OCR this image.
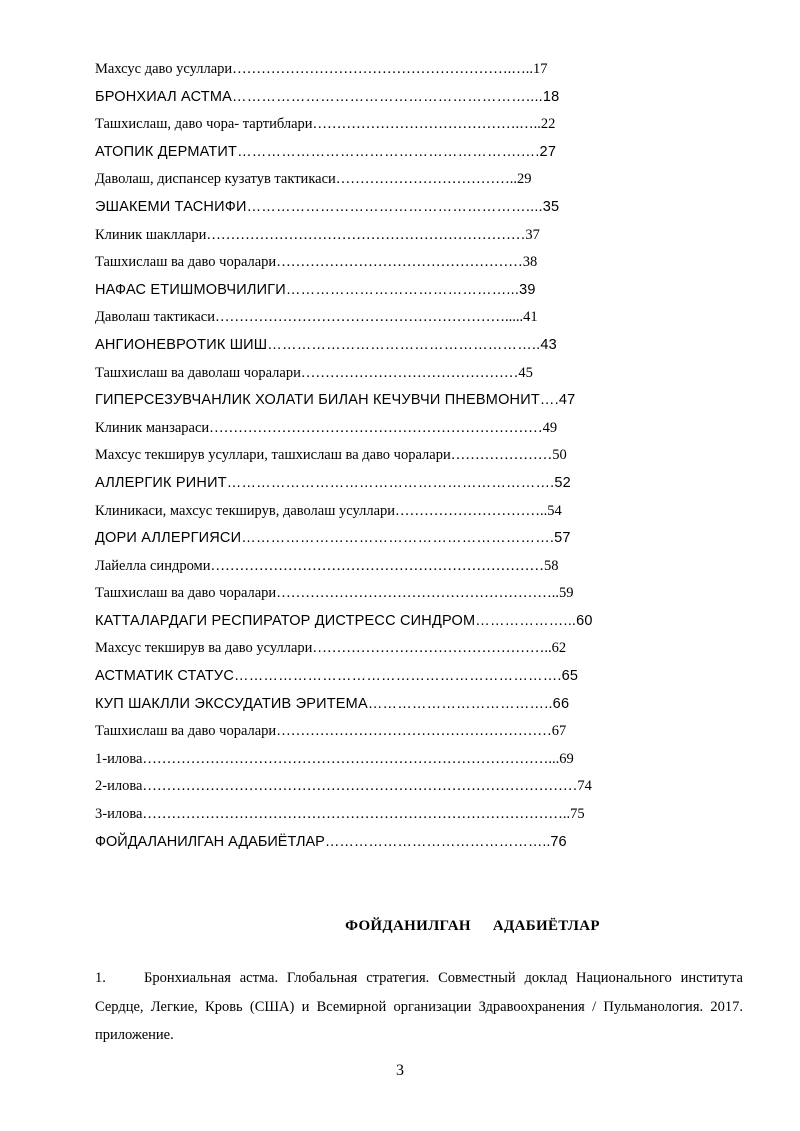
Махсус даво усуллари………………………………………………….…..17
БРОНХИАЛ АСТМА……………………………………………………....18
Ташхислаш, даво чора- тартиблари…………………………………….…..22
АТОПИК ДЕРМАТИТ………………………………………………….….27
Даволаш, диспансер кузатув тактикаси………………………………..29
ЭШАКЕМИ ТАСНИФИ…………………………………………………....35
Клиник шакллари…………………………………………………………37
Ташхислаш ва даво чоралари……………………………………………38
НАФАС ЕТИШМОВЧИЛИГИ………………………………………...39
Даволаш тактикаси…………………………………………………….....41
АНГИОНЕВРОТИК ШИШ………………………………………………..43
Ташхислаш ва даволаш чоралари………………………………………45
ГИПЕРСЕЗУВЧАНЛИК ХОЛАТИ БИЛАН КЕЧУВЧИ ПНЕВМОНИТ….47
Клиник манзараси……………………………………………………………49
Махсус текширув усуллари, ташхислаш ва даво чоралари…………………50
АЛЛЕРГИК РИНИТ………………………………………………………….52
Клиникаси, махсус текширув, даволаш усуллари…………………………..54
ДОРИ АЛЛЕРГИЯСИ……………………………………………………….57
Лайелла синдроми……………………………………………………………58
Ташхислаш ва даво чоралари…………………………………………………..59
КАТТАЛАРДАГИ РЕСПИРАТОР ДИСТРЕСС СИНДРОМ………………...60
Махсус текширув ва даво усуллари…………………………………………..62
АСТМАТИК СТАТУС………………………………………………………….65
КУП ШАКЛЛИ ЭКССУДАТИВ ЭРИТЕМА………………………………..66
Ташхислаш ва даво чоралари…………………………………………………67
1-илова…………………………………………………………………………...69
2-илова………………………………………………………………………………74
3-илова……………………………………………………………………………..75
ФОЙДАЛАНИЛГАН АДАБИЁТЛАР………………………………………..76
ФОЙДАНИЛГАН АДАБИЁТЛАР
1.	Бронхиальная астма. Глобальная стратегия. Совместный доклад Национального института Сердце, Легкие, Кровь (США) и Всемирной организации Здравоохранения / Пульманология. 2017. приложение.
3
